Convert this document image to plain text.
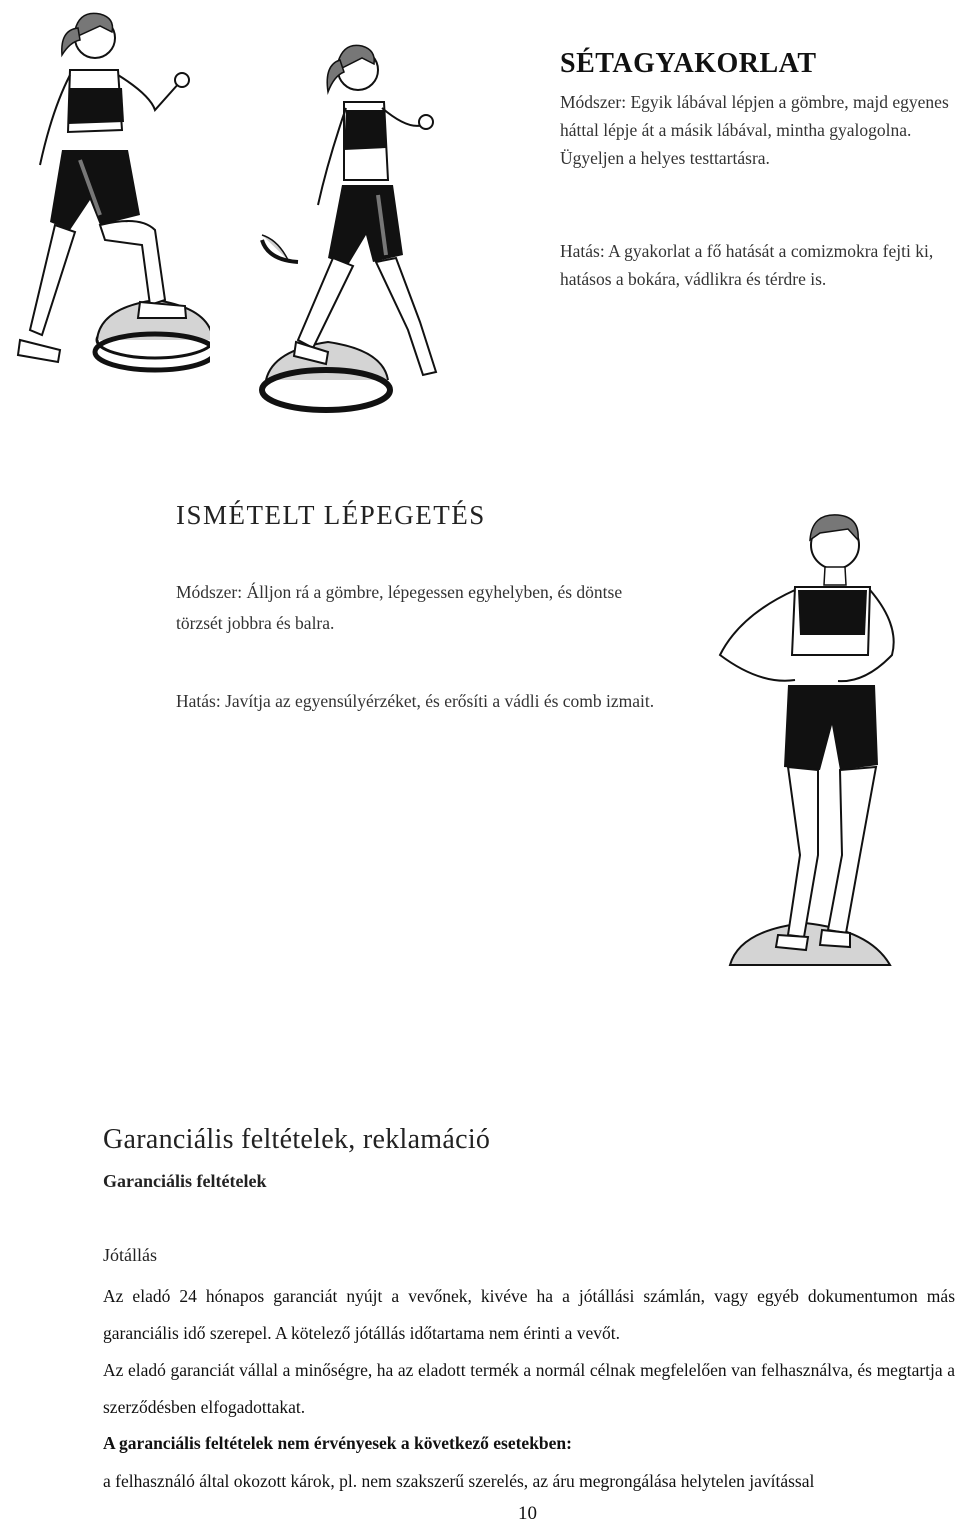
SÉTAGYAKORLAT
Módszer: Egyik lábával lépjen a gömbre, majd egyenes háttal lépje át a másik lábával, mintha gyalogolna. Ügyeljen a helyes testtartásra.
Hatás: A gyakorlat a fő hatását a comizmokra fejti ki, hatásos a bokára, vádlikra és térdre is.
ISMÉTELT LÉPEGETÉS
Módszer: Álljon rá a gömbre, lépegessen egyhelyben, és döntse törzsét jobbra és balra.
Hatás: Javítja az egyensúlyérzéket, és erősíti a vádli és comb izmait.
Garanciális feltételek, reklamáció
Garanciális feltételek
Jótállás
Az eladó 24 hónapos garanciát nyújt a vevőnek, kivéve ha a jótállási számlán, vagy egyéb dokumentumon más garanciális idő szerepel. A kötelező jótállás időtartama nem érinti a vevőt.
Az eladó garanciát vállal a minőségre, ha az eladott termék a normál célnak megfelelően van felhasználva, és megtartja a szerződésben elfogadottakat.
A garanciális feltételek nem érvényesek a következő esetekben:
a felhasználó által okozott károk, pl. nem szakszerű szerelés, az áru megrongálása helytelen javítással
10
